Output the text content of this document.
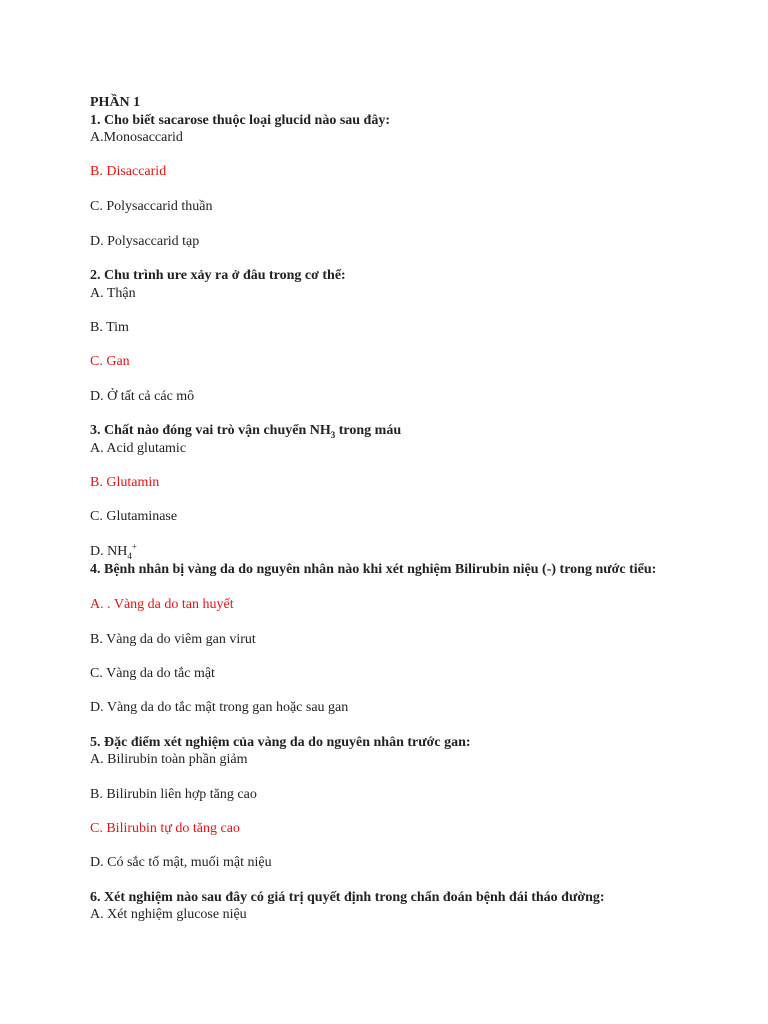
PHẦN 1
1. Cho biết sacarose thuộc loại glucid nào sau đây:
A.Monosaccarid
B. Disaccarid
C. Polysaccarid thuần
D. Polysaccarid tạp
2. Chu trình ure xảy ra ở đâu trong cơ thể:
A. Thận
B. Tim
C. Gan
D. Ở tất cả các mô
3. Chất nào đóng vai trò vận chuyển $NH_3$ trong máu
A. Acid glutamic
B. Glutamin
C. Glutaminase
D. $NH_4^+$
4. Bệnh nhân bị vàng da do nguyên nhân nào khi xét nghiệm Bilirubin niệu (-) trong nước tiểu:
A. . Vàng da do tan huyết
B. Vàng da do viêm gan virut
C. Vàng da do tắc mật
D. Vàng da do tắc mật trong gan hoặc sau gan
5. Đặc điểm xét nghiệm của vàng da do nguyên nhân trước gan:
A. Bilirubin toàn phần giảm
B. Bilirubin liên hợp tăng cao
C. Bilirubin tự do tăng cao
D. Có sắc tố mật, muối mật niệu
6. Xét nghiệm nào sau đây có giá trị quyết định trong chẩn đoán bệnh đái tháo đường:
A. Xét nghiệm glucose niệu
